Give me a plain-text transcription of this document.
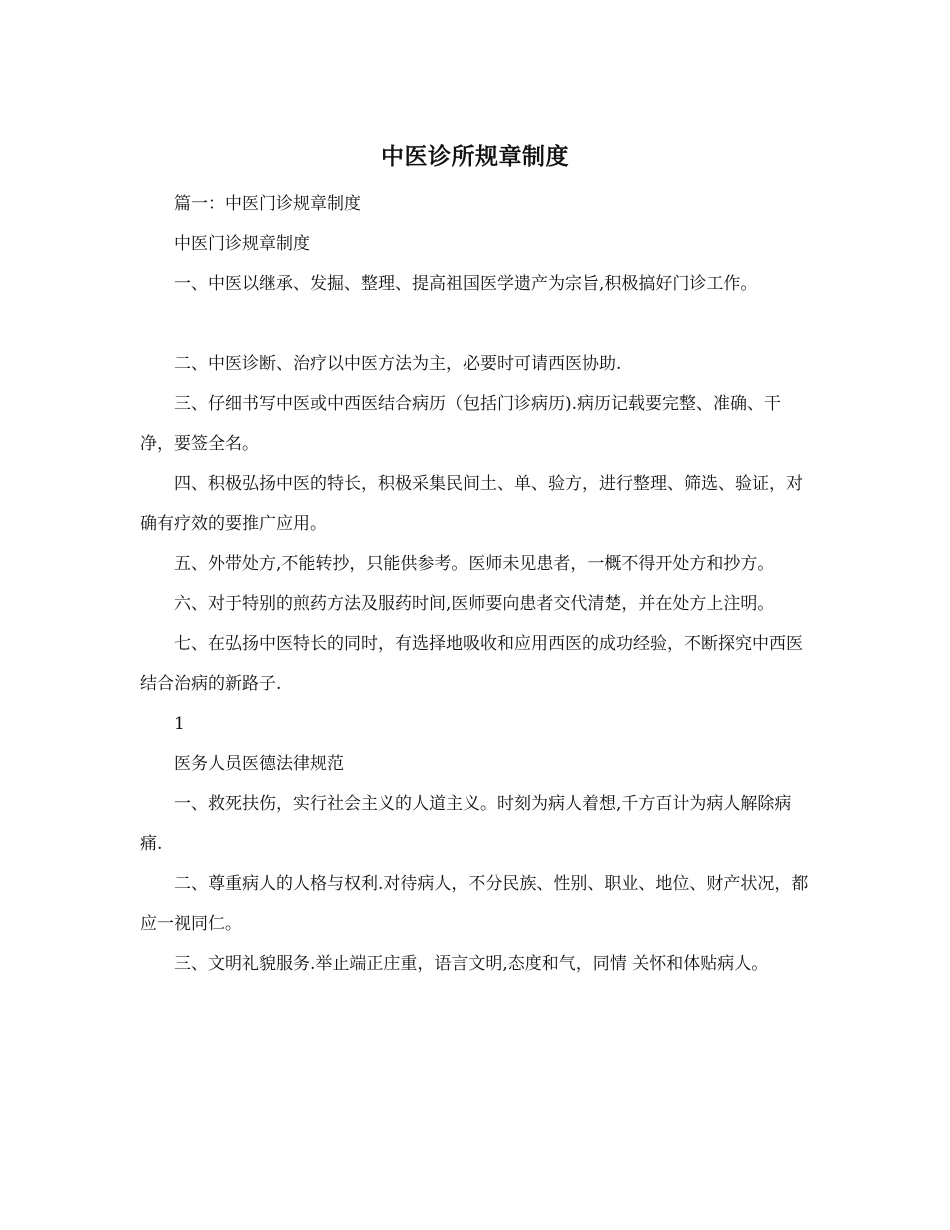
中医诊所规章制度

篇一：中医门诊规章制度

中医门诊规章制度

一、中医以继承、发掘、整理、提高祖国医学遗产为宗旨,积极搞好门诊工作。

二、中医诊断、治疗以中医方法为主，必要时可请西医协助.

三、仔细书写中医或中西医结合病历（包括门诊病历).病历记载要完整、准确、干净，要签全名。

四、积极弘扬中医的特长，积极采集民间土、单、验方，进行整理、筛选、验证，对确有疗效的要推广应用。

五、外带处方,不能转抄，只能供参考。医师未见患者，一概不得开处方和抄方。

六、对于特别的煎药方法及服药时间,医师要向患者交代清楚，并在处方上注明。

七、在弘扬中医特长的同时，有选择地吸收和应用西医的成功经验，不断探究中西医结合治病的新路子.

1

医务人员医德法律规范

一、救死扶伤，实行社会主义的人道主义。时刻为病人着想,千方百计为病人解除病痛.

二、尊重病人的人格与权利.对待病人，不分民族、性别、职业、地位、财产状况，都应一视同仁。

三、文明礼貌服务.举止端正庄重，语言文明,态度和气，同情 关怀和体贴病人。
